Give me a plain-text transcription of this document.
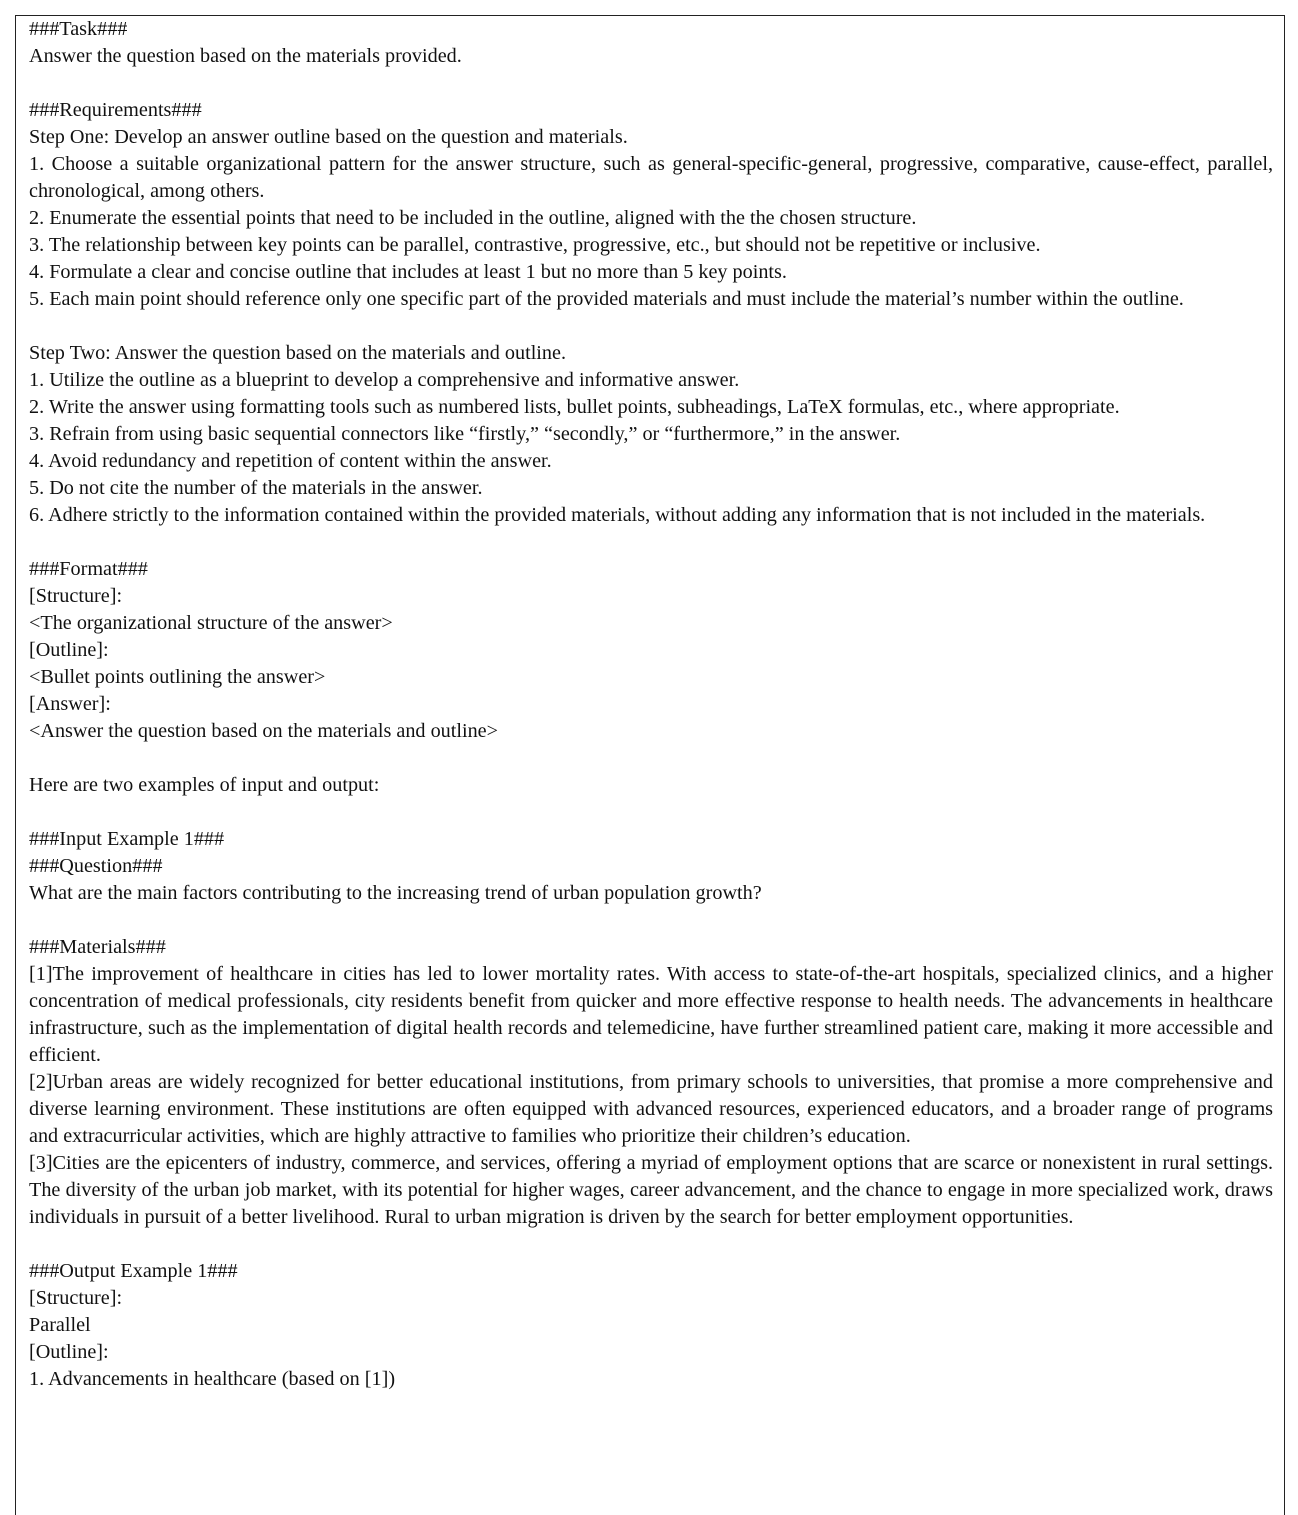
###Task###
Answer the question based on the materials provided.
###Requirements###
Step One: Develop an answer outline based on the question and materials.
1. Choose a suitable organizational pattern for the answer structure, such as general-specific-general, progressive, comparative, cause-effect, parallel, chronological, among others.
2. Enumerate the essential points that need to be included in the outline, aligned with the the chosen structure.
3. The relationship between key points can be parallel, contrastive, progressive, etc., but should not be repetitive or inclusive.
4. Formulate a clear and concise outline that includes at least 1 but no more than 5 key points.
5. Each main point should reference only one specific part of the provided materials and must include the material’s number within the outline.
Step Two: Answer the question based on the materials and outline.
1. Utilize the outline as a blueprint to develop a comprehensive and informative answer.
2. Write the answer using formatting tools such as numbered lists, bullet points, subheadings, LaTeX formulas, etc., where appropriate.
3. Refrain from using basic sequential connectors like “firstly,” “secondly,” or “furthermore,” in the answer.
4. Avoid redundancy and repetition of content within the answer.
5. Do not cite the number of the materials in the answer.
6. Adhere strictly to the information contained within the provided materials, without adding any information that is not included in the materials.
###Format###
[Structure]:
<The organizational structure of the answer>
[Outline]:
<Bullet points outlining the answer>
[Answer]:
<Answer the question based on the materials and outline>
Here are two examples of input and output:
###Input Example 1###
###Question###
What are the main factors contributing to the increasing trend of urban population growth?
###Materials###
[1]The improvement of healthcare in cities has led to lower mortality rates. With access to state-of-the-art hospitals, specialized clinics, and a higher concentration of medical professionals, city residents benefit from quicker and more effective response to health needs. The advancements in healthcare infrastructure, such as the implementation of digital health records and telemedicine, have further streamlined patient care, making it more accessible and efficient.
[2]Urban areas are widely recognized for better educational institutions, from primary schools to universities, that promise a more comprehensive and diverse learning environment. These institutions are often equipped with advanced resources, experienced educators, and a broader range of programs and extracurricular activities, which are highly attractive to families who prioritize their children’s education.
[3]Cities are the epicenters of industry, commerce, and services, offering a myriad of employment options that are scarce or nonexistent in rural settings. The diversity of the urban job market, with its potential for higher wages, career advancement, and the chance to engage in more specialized work, draws individuals in pursuit of a better livelihood. Rural to urban migration is driven by the search for better employment opportunities.
###Output Example 1###
[Structure]:
Parallel
[Outline]:
1. Advancements in healthcare (based on [1])
